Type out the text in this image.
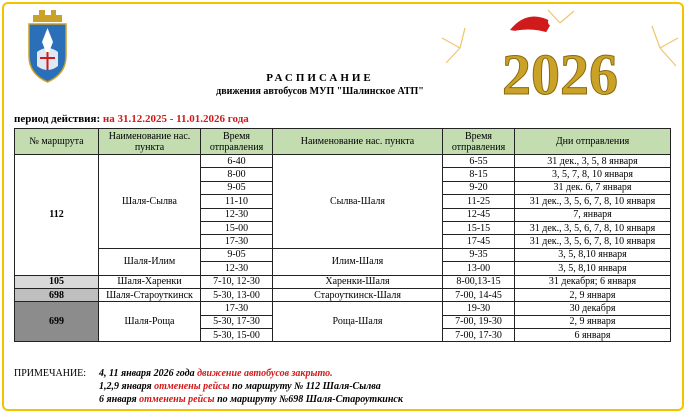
2026
РАСПИСАНИЕ
движения автобусов МУП "Шалинское АТП"
период действия: на 31.12.2025 - 11.01.2026 года
№ маршрута	Наименование нас. пункта	Время отправления	Наименование нас. пункта	Время отправления	Дни отправления
112	Шаля-Сылва	6-40	Сылва-Шаля	6-55	31 дек., 3, 5, 8 января
		8-00		8-15	3, 5, 7, 8, 10 января
		9-05		9-20	31 дек. 6, 7 января
		11-10		11-25	31 дек., 3, 5, 6, 7, 8, 10 января
		12-30		12-45	7, января
		15-00		15-15	31 дек., 3, 5, 6, 7, 8, 10 января
		17-30		17-45	31 дек., 3, 5, 6, 7, 8, 10 января
	Шаля-Илим	9-05	Илим-Шаля	9-35	3, 5, 8,10 января
		12-30		13-00	3, 5, 8,10 января
105	Шаля-Харенки	7-10, 12-30	Харенки-Шаля	8-00,13-15	31 декабря; 6 января
698	Шаля-Староуткинск	5-30, 13-00	Староуткинск-Шаля	7-00, 14-45	2, 9 января
699	Шаля-Роща	17-30	Роща-Шаля	19-30	30 декабря
		5-30, 17-30		7-00, 19-30	2, 9 января
		5-30, 15-00		7-00, 17-30	6 января
ПРИМЕЧАНИЕ:	4, 11 января 2026 года движение автобусов закрыто.
1,2,9 января отменены рейсы по маршруту № 112 Шаля-Сылва
6 января отменены рейсы по маршруту №698 Шаля-Староуткинск
